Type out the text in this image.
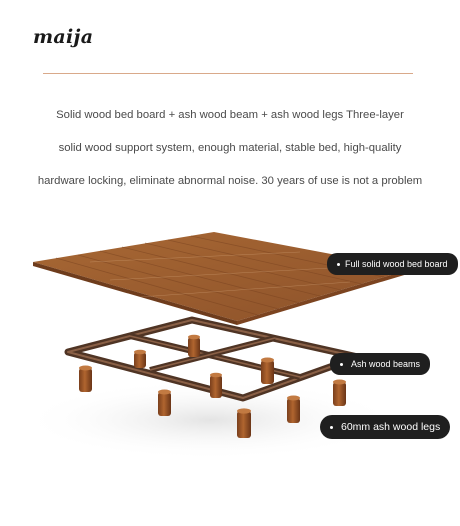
maija
Solid wood bed board + ash wood beam + ash wood legs Three-layer
solid wood support system, enough material, stable bed, high-quality
hardware locking, eliminate abnormal noise. 30 years of use is not a problem
Full solid wood bed board
Ash wood beams
60mm ash wood legs
